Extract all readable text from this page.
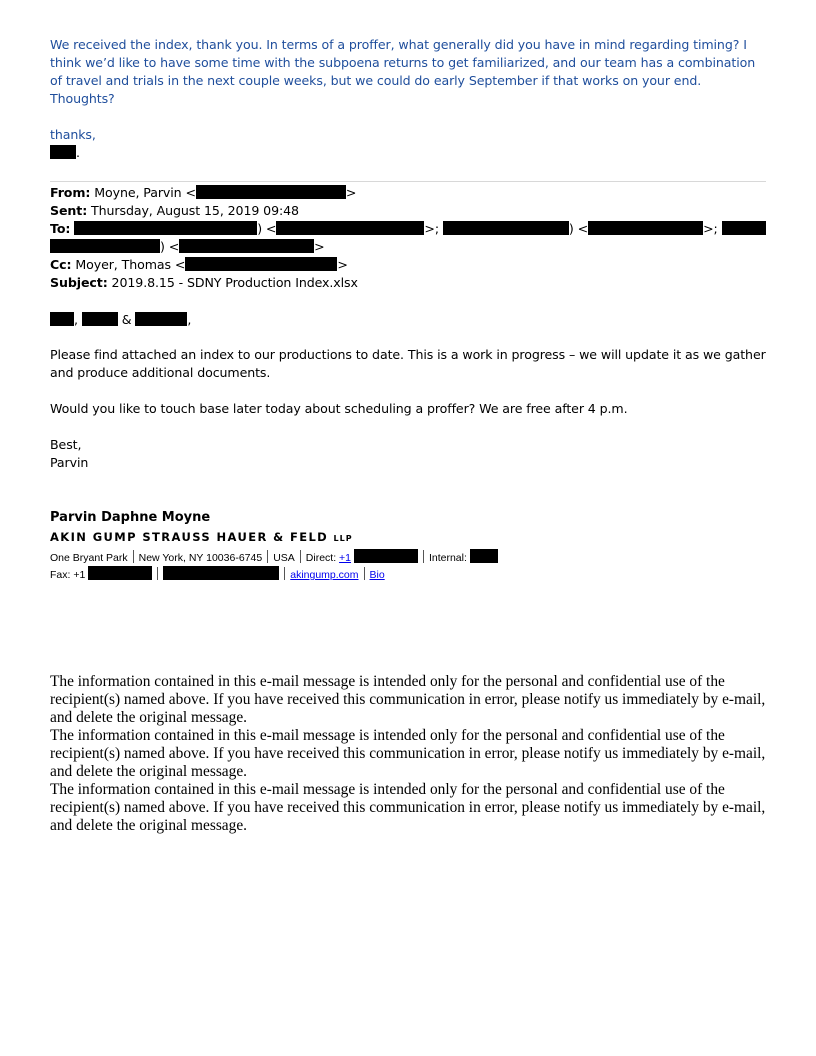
We received the index, thank you. In terms of a proffer, what generally did you have in mind regarding timing? I think we’d like to have some time with the subpoena returns to get familiarized, and our team has a combination of travel and trials in the next couple weeks, but we could do early September if that works on your end. Thoughts?

thanks,

.

From: Moyne, Parvin <	>
Sent: Thursday, August 15, 2019 09:48
To:	) <	>;	) <	>;
) <	>
Cc: Moyer, Thomas <	>
Subject: 2019.8.15 - SDNY Production Index.xlsx
,	&	,

Please find attached an index to our productions to date. This is a work in progress – we will update it as we gather and produce additional documents.

Would you like to touch base later today about scheduling a proffer? We are free after 4 p.m.

Best,

Parvin

Parvin Daphne Moyne
AKIN GUMP STRAUSS HAUER & FELD LLP
One Bryant Park New York, NY 10036-6745 USA Direct: +1	Internal:
Fax: +1	akingump.com Bio

The information contained in this e-mail message is intended only for the personal and confidential use of the recipient(s) named above. If you have received this communication in error, please notify us immediately by e-mail, and delete the original message.

The information contained in this e-mail message is intended only for the personal and confidential use of the recipient(s) named above. If you have received this communication in error, please notify us immediately by e-mail, and delete the original message.

The information contained in this e-mail message is intended only for the personal and confidential use of the recipient(s) named above. If you have received this communication in error, please notify us immediately by e-mail, and delete the original message.
